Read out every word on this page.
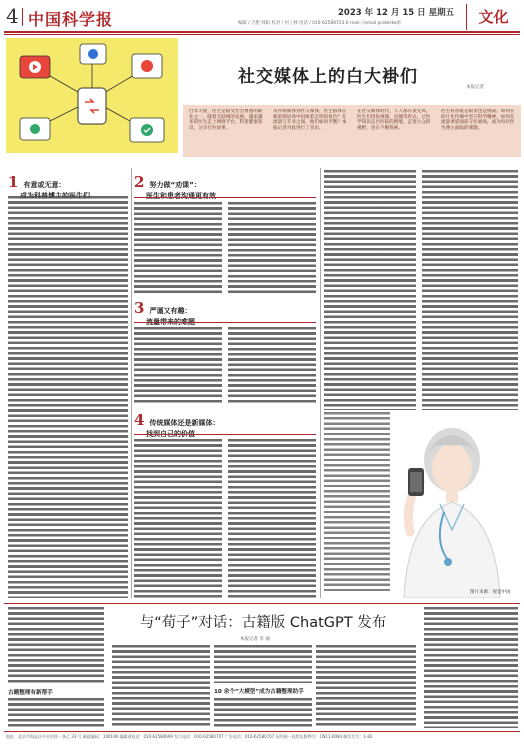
4 中国科学报	2023 年 12 月 15 日 星期五
编辑 / 合肥 韩阳 校对 / 何工林 电话 / 010-62580723 E-mail: [email protected]	文化
社交媒体上的白大褂们
本报记者
白衣天使，医生是最受社会尊重的职业之一。随着互联网的发展，越来越多的医生走上网络平台，科普健康知识，分享行医故事。
从传统媒体到社交媒体，医生群体在新的舆论场中扮演着怎样的角色？在流量与专业之间，他们如何平衡？本报记者对此进行了采访。
在社交媒体时代，人人都有麦克风。医生们用短视频、直播等形式，让医学知识走出医院的围墙，走进大众的视野，也在不断探索。
医生科普既是职责也是挑战。如何在碎片化传播中坚守科学精神，如何在流量诱惑面前守住底线，成为每位医生博主面临的课题。
1 有意或无意：	2 努力做“劝课”：
医生和患者沟通更有效
3 严谨又有趣：
流量带来的难题
4 传统媒体还是新媒体：
找到自己的价值
图片来源：视觉中国
古籍整理有新帮手
与“荀子”对话：古籍版 ChatGPT 发布
本报记者 李 丽
10 余个“大模型”成为古籍整理助手
地址：北京市海淀区中关村南一条乙 33 号 邮政编码：100190 编辑部电话：010-62580699 发行电话：010-62580707 广告电话：010-62580707 国内统一连续出版物号：CN11-0084 邮发代号：1-82
